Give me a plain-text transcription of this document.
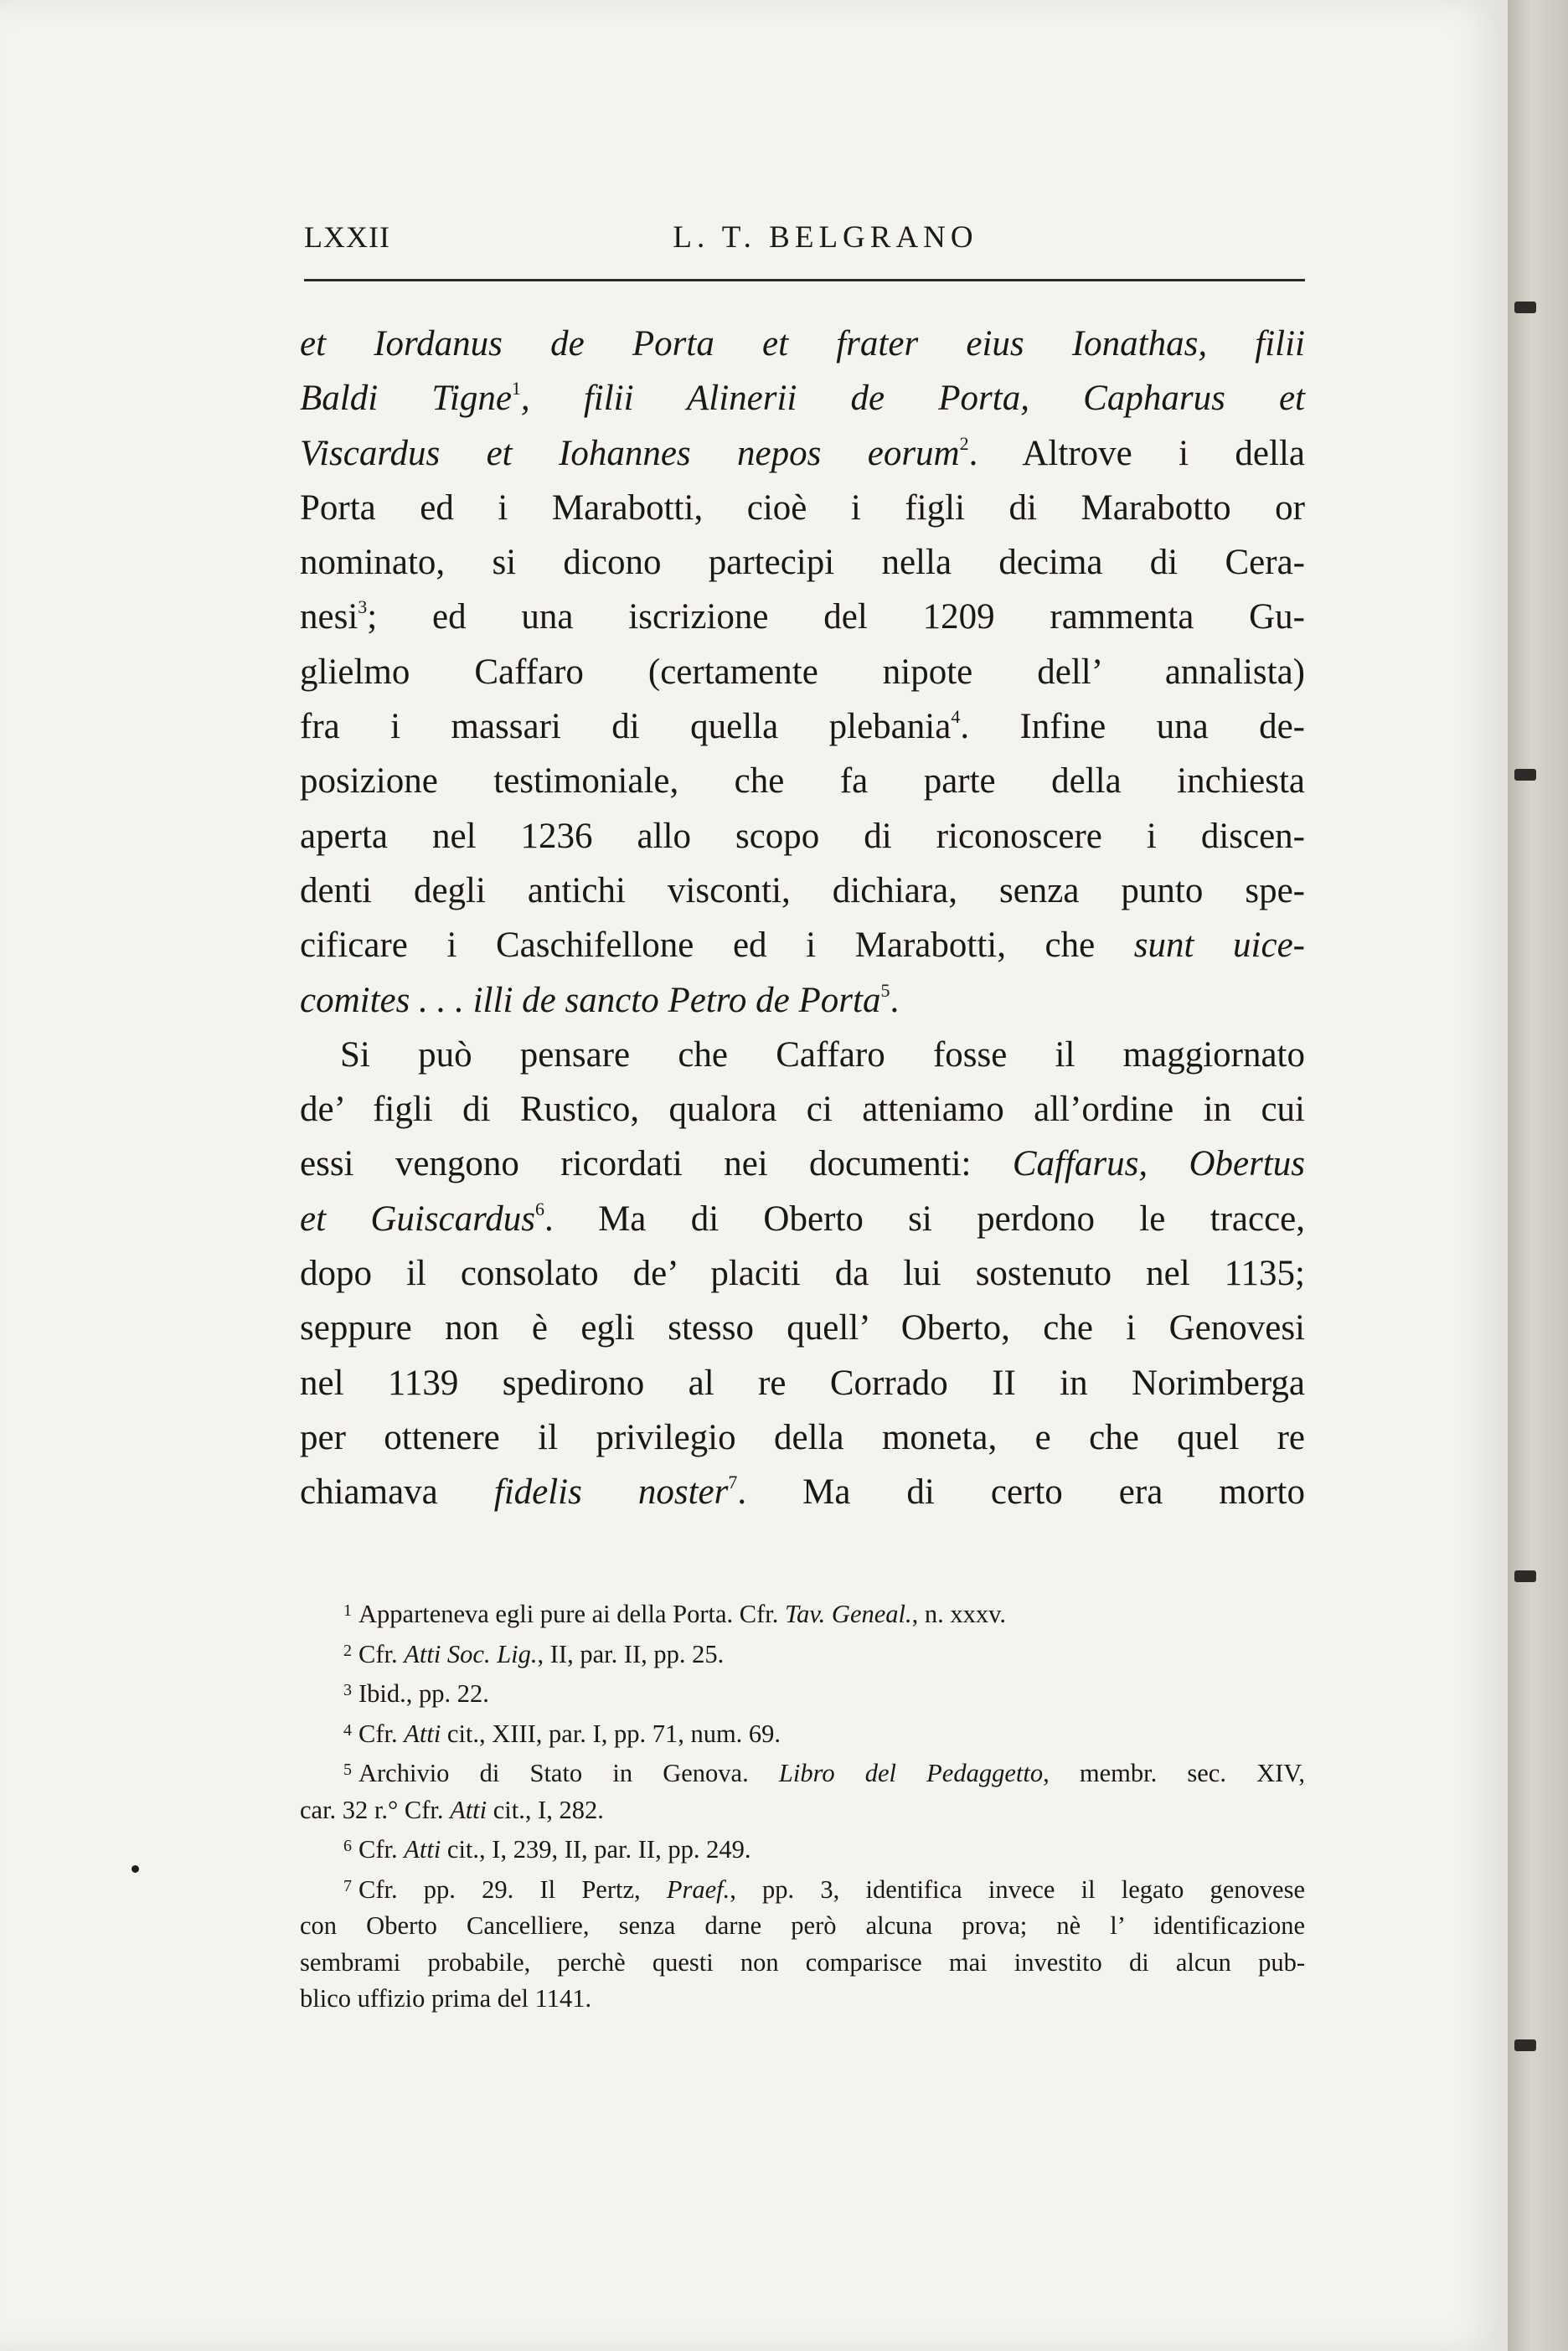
LXXII	L. T. BELGRANO
et Iordanus de Porta et frater eius Ionathas, filii
Baldi Tigne$^1$, filii Alinerii de Porta, Capharus et
Viscardus et Iohannes nepos eorum$^2$. Altrove i della
Porta ed i Marabotti, cioè i figli di Marabotto or
nominato, si dicono partecipi nella decima di Cera-
nesi$^3$; ed una iscrizione del 1209 rammenta Gu-
glielmo Caffaro (certamente nipote dell’ annalista)
fra i massari di quella plebania$^4$. Infine una de-
posizione testimoniale, che fa parte della inchiesta
aperta nel 1236 allo scopo di riconoscere i discen-
denti degli antichi visconti, dichiara, senza punto spe-
cificare i Caschifellone ed i Marabotti, che sunt uice-
comites . . . illi de sancto Petro de Porta$^5$.
Si può pensare che Caffaro fosse il maggiornato
de’ figli di Rustico, qualora ci atteniamo all’ordine in cui
essi vengono ricordati nei documenti: Caffarus, Obertus
et Guiscardus$^6$. Ma di Oberto si perdono le tracce,
dopo il consolato de’ placiti da lui sostenuto nel 1135;
seppure non è egli stesso quell’ Oberto, che i Genovesi
nel 1139 spedirono al re Corrado II in Norimberga
per ottenere il privilegio della moneta, e che quel re
chiamava fidelis noster$^7$. Ma di certo era morto
$^1$ Apparteneva egli pure ai della Porta. Cfr. Tav. Geneal., n. xxxv.
$^2$ Cfr. Atti Soc. Lig., II, par. II, pp. 25.
$^3$ Ibid., pp. 22.
$^4$ Cfr. Atti cit., XIII, par. I, pp. 71, num. 69.
$^5$ Archivio di Stato in Genova. Libro del Pedaggetto, membr. sec. XIV,
car. 32 r.° Cfr. Atti cit., I, 282.
$^6$ Cfr. Atti cit., I, 239, II, par. II, pp. 249.
$^7$ Cfr. pp. 29. Il Pertz, Praef., pp. 3, identifica invece il legato genovese
con Oberto Cancelliere, senza darne però alcuna prova; nè l’ identificazione
sembrami probabile, perchè questi non comparisce mai investito di alcun pub-
blico uffizio prima del 1141.
